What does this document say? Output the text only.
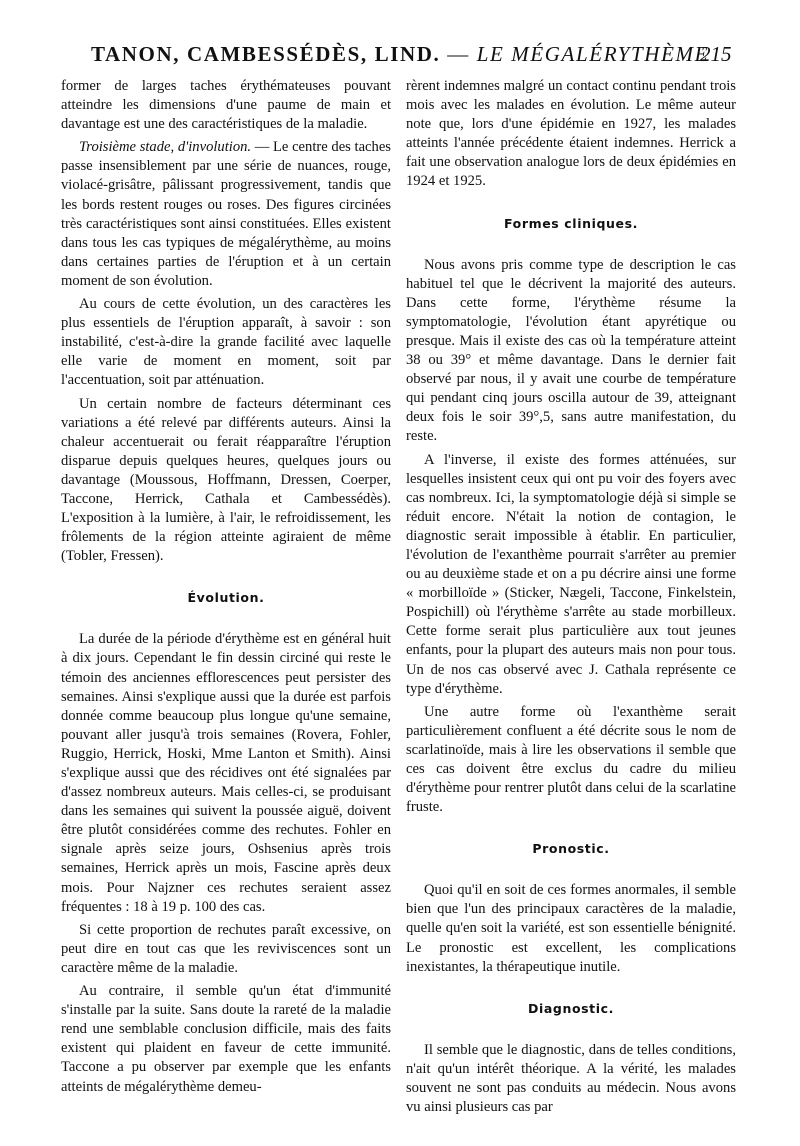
TANON, CAMBESSÉDÈS, LIND. — LE MÉGALÉRYTHÈME
215

former de larges taches érythémateuses pouvant atteindre les dimensions d'une paume de main et davantage est une des caractéristiques de la maladie.

Troisième stade, d'involution. — Le centre des taches passe insensiblement par une série de nuances, rouge, violacé-grisâtre, pâlissant progressivement, tandis que les bords restent rouges ou roses. Des figures circinées très caractéristiques sont ainsi constituées. Elles existent dans tous les cas typiques de mégalérythème, au moins dans certaines parties de l'éruption et à un certain moment de son évolution.

Au cours de cette évolution, un des caractères les plus essentiels de l'éruption apparaît, à savoir : son instabilité, c'est-à-dire la grande facilité avec laquelle elle varie de moment en moment, soit par l'accentuation, soit par atténuation.

Un certain nombre de facteurs déterminant ces variations a été relevé par différents auteurs. Ainsi la chaleur accentuerait ou ferait réapparaître l'éruption disparue depuis quelques heures, quelques jours ou davantage (Moussous, Hoffmann, Dressen, Coerper, Taccone, Herrick, Cathala et Cambessédès). L'exposition à la lumière, à l'air, le refroidissement, les frôlements de la région atteinte agiraient de même (Tobler, Fressen).

Évolution.

La durée de la période d'érythème est en général huit à dix jours. Cependant le fin dessin circiné qui reste le témoin des anciennes efflorescences peut persister des semaines. Ainsi s'explique aussi que la durée est parfois donnée comme beaucoup plus longue qu'une semaine, pouvant aller jusqu'à trois semaines (Rovera, Fohler, Ruggio, Herrick, Hoski, Mme Lanton et Smith). Ainsi s'explique aussi que des récidives ont été signalées par d'assez nombreux auteurs. Mais celles-ci, se produisant dans les semaines qui suivent la poussée aiguë, doivent être plutôt considérées comme des rechutes. Fohler en signale après seize jours, Oshsenius après trois semaines, Herrick après un mois, Fascine après deux mois. Pour Najzner ces rechutes seraient assez fréquentes : 18 à 19 p. 100 des cas.

Si cette proportion de rechutes paraît excessive, on peut dire en tout cas que les reviviscences sont un caractère même de la maladie.

Au contraire, il semble qu'un état d'immunité s'installe par la suite. Sans doute la rareté de la maladie rend une semblable conclusion difficile, mais des faits existent qui plaident en faveur de cette immunité. Taccone a pu observer par exemple que les enfants atteints de mégalérythème demeu-

rèrent indemnes malgré un contact continu pendant trois mois avec les malades en évolution. Le même auteur note que, lors d'une épidémie en 1927, les malades atteints l'année précédente étaient indemnes. Herrick a fait une observation analogue lors de deux épidémies en 1924 et 1925.

Formes cliniques.

Nous avons pris comme type de description le cas habituel tel que le décrivent la majorité des auteurs. Dans cette forme, l'érythème résume la symptomatologie, l'évolution étant apyrétique ou presque. Mais il existe des cas où la température atteint 38 ou 39° et même davantage. Dans le dernier fait observé par nous, il y avait une courbe de température qui pendant cinq jours oscilla autour de 39, atteignant deux fois le soir 39°,5, sans autre manifestation, du reste.

A l'inverse, il existe des formes atténuées, sur lesquelles insistent ceux qui ont pu voir des foyers avec cas nombreux. Ici, la symptomatologie déjà si simple se réduit encore. N'était la notion de contagion, le diagnostic serait impossible à établir. En particulier, l'évolution de l'exanthème pourrait s'arrêter au premier ou au deuxième stade et on a pu décrire ainsi une forme « morbilloïde » (Sticker, Nægeli, Taccone, Finkelstein, Pospichill) où l'érythème s'arrête au stade morbilleux. Cette forme serait plus particulière aux tout jeunes enfants, pour la plupart des auteurs mais non pour tous. Un de nos cas observé avec J. Cathala représente ce type d'érythème.

Une autre forme où l'exanthème serait particulièrement confluent a été décrite sous le nom de scarlatinoïde, mais à lire les observations il semble que ces cas doivent être exclus du cadre du milieu d'érythème pour rentrer plutôt dans celui de la scarlatine fruste.

Pronostic.

Quoi qu'il en soit de ces formes anormales, il semble bien que l'un des principaux caractères de la maladie, quelle qu'en soit la variété, est son essentielle bénignité. Le pronostic est excellent, les complications inexistantes, la thérapeutique inutile.

Diagnostic.

Il semble que le diagnostic, dans de telles conditions, n'ait qu'un intérêt théorique. A la vérité, les malades souvent ne sont pas conduits au médecin. Nous avons vu ainsi plusieurs cas par
